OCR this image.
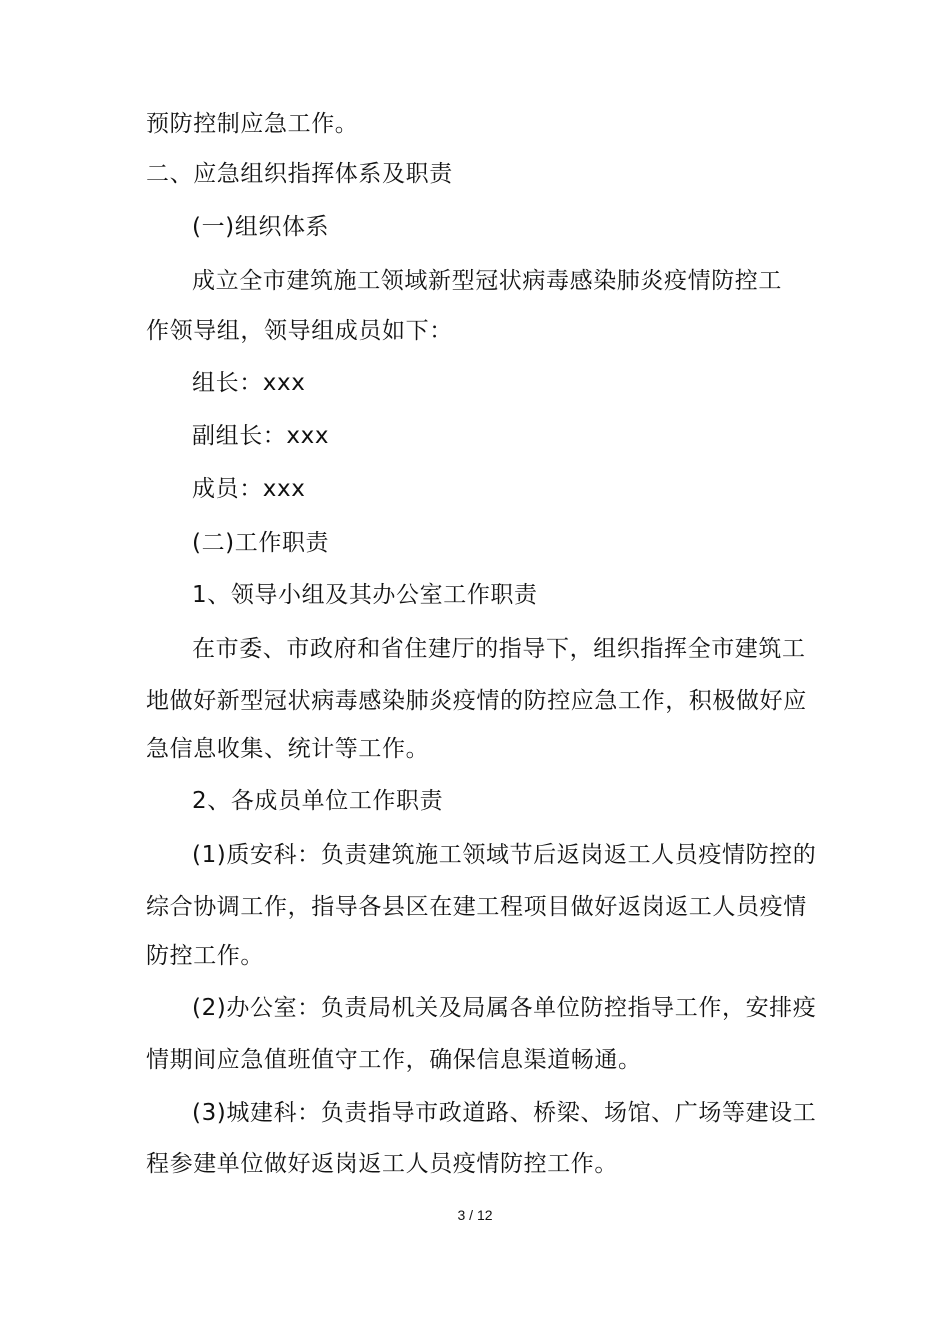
预防控制应急工作。
二、应急组织指挥体系及职责
(一)组织体系
成立全市建筑施工领域新型冠状病毒感染肺炎疫情防控工
作领导组，领导组成员如下：
组长：xxx
副组长：xxx
成员：xxx
(二)工作职责
1、领导小组及其办公室工作职责
在市委、市政府和省住建厅的指导下，组织指挥全市建筑工
地做好新型冠状病毒感染肺炎疫情的防控应急工作，积极做好应
急信息收集、统计等工作。
2、各成员单位工作职责
(1)质安科：负责建筑施工领域节后返岗返工人员疫情防控的
综合协调工作，指导各县区在建工程项目做好返岗返工人员疫情
防控工作。
(2)办公室：负责局机关及局属各单位防控指导工作，安排疫
情期间应急值班值守工作，确保信息渠道畅通。
(3)城建科：负责指导市政道路、桥梁、场馆、广场等建设工
程参建单位做好返岗返工人员疫情防控工作。
3 / 12
